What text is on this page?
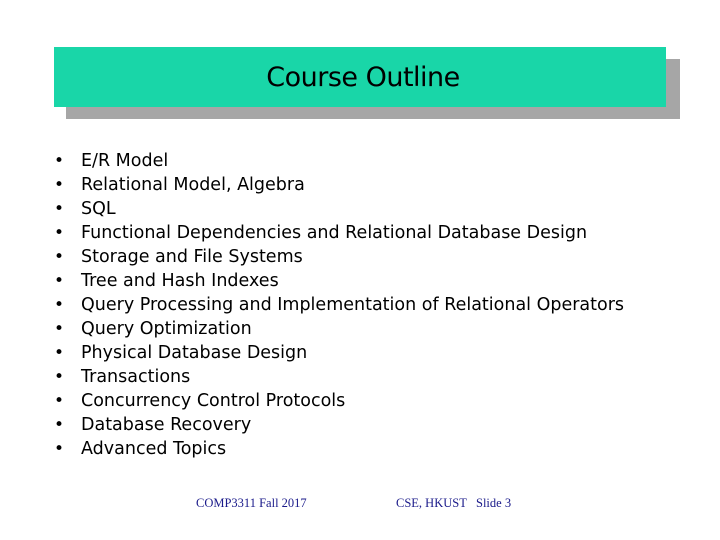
Course Outline
• E/R Model
• Relational Model, Algebra
• SQL
• Functional Dependencies and Relational Database Design
• Storage and File Systems
• Tree and Hash Indexes
• Query Processing and Implementation of Relational Operators
• Query Optimization
• Physical Database Design
• Transactions
• Concurrency Control Protocols
• Database Recovery
• Advanced Topics
COMP3311 Fall 2017	CSE, HKUST   Slide 3
